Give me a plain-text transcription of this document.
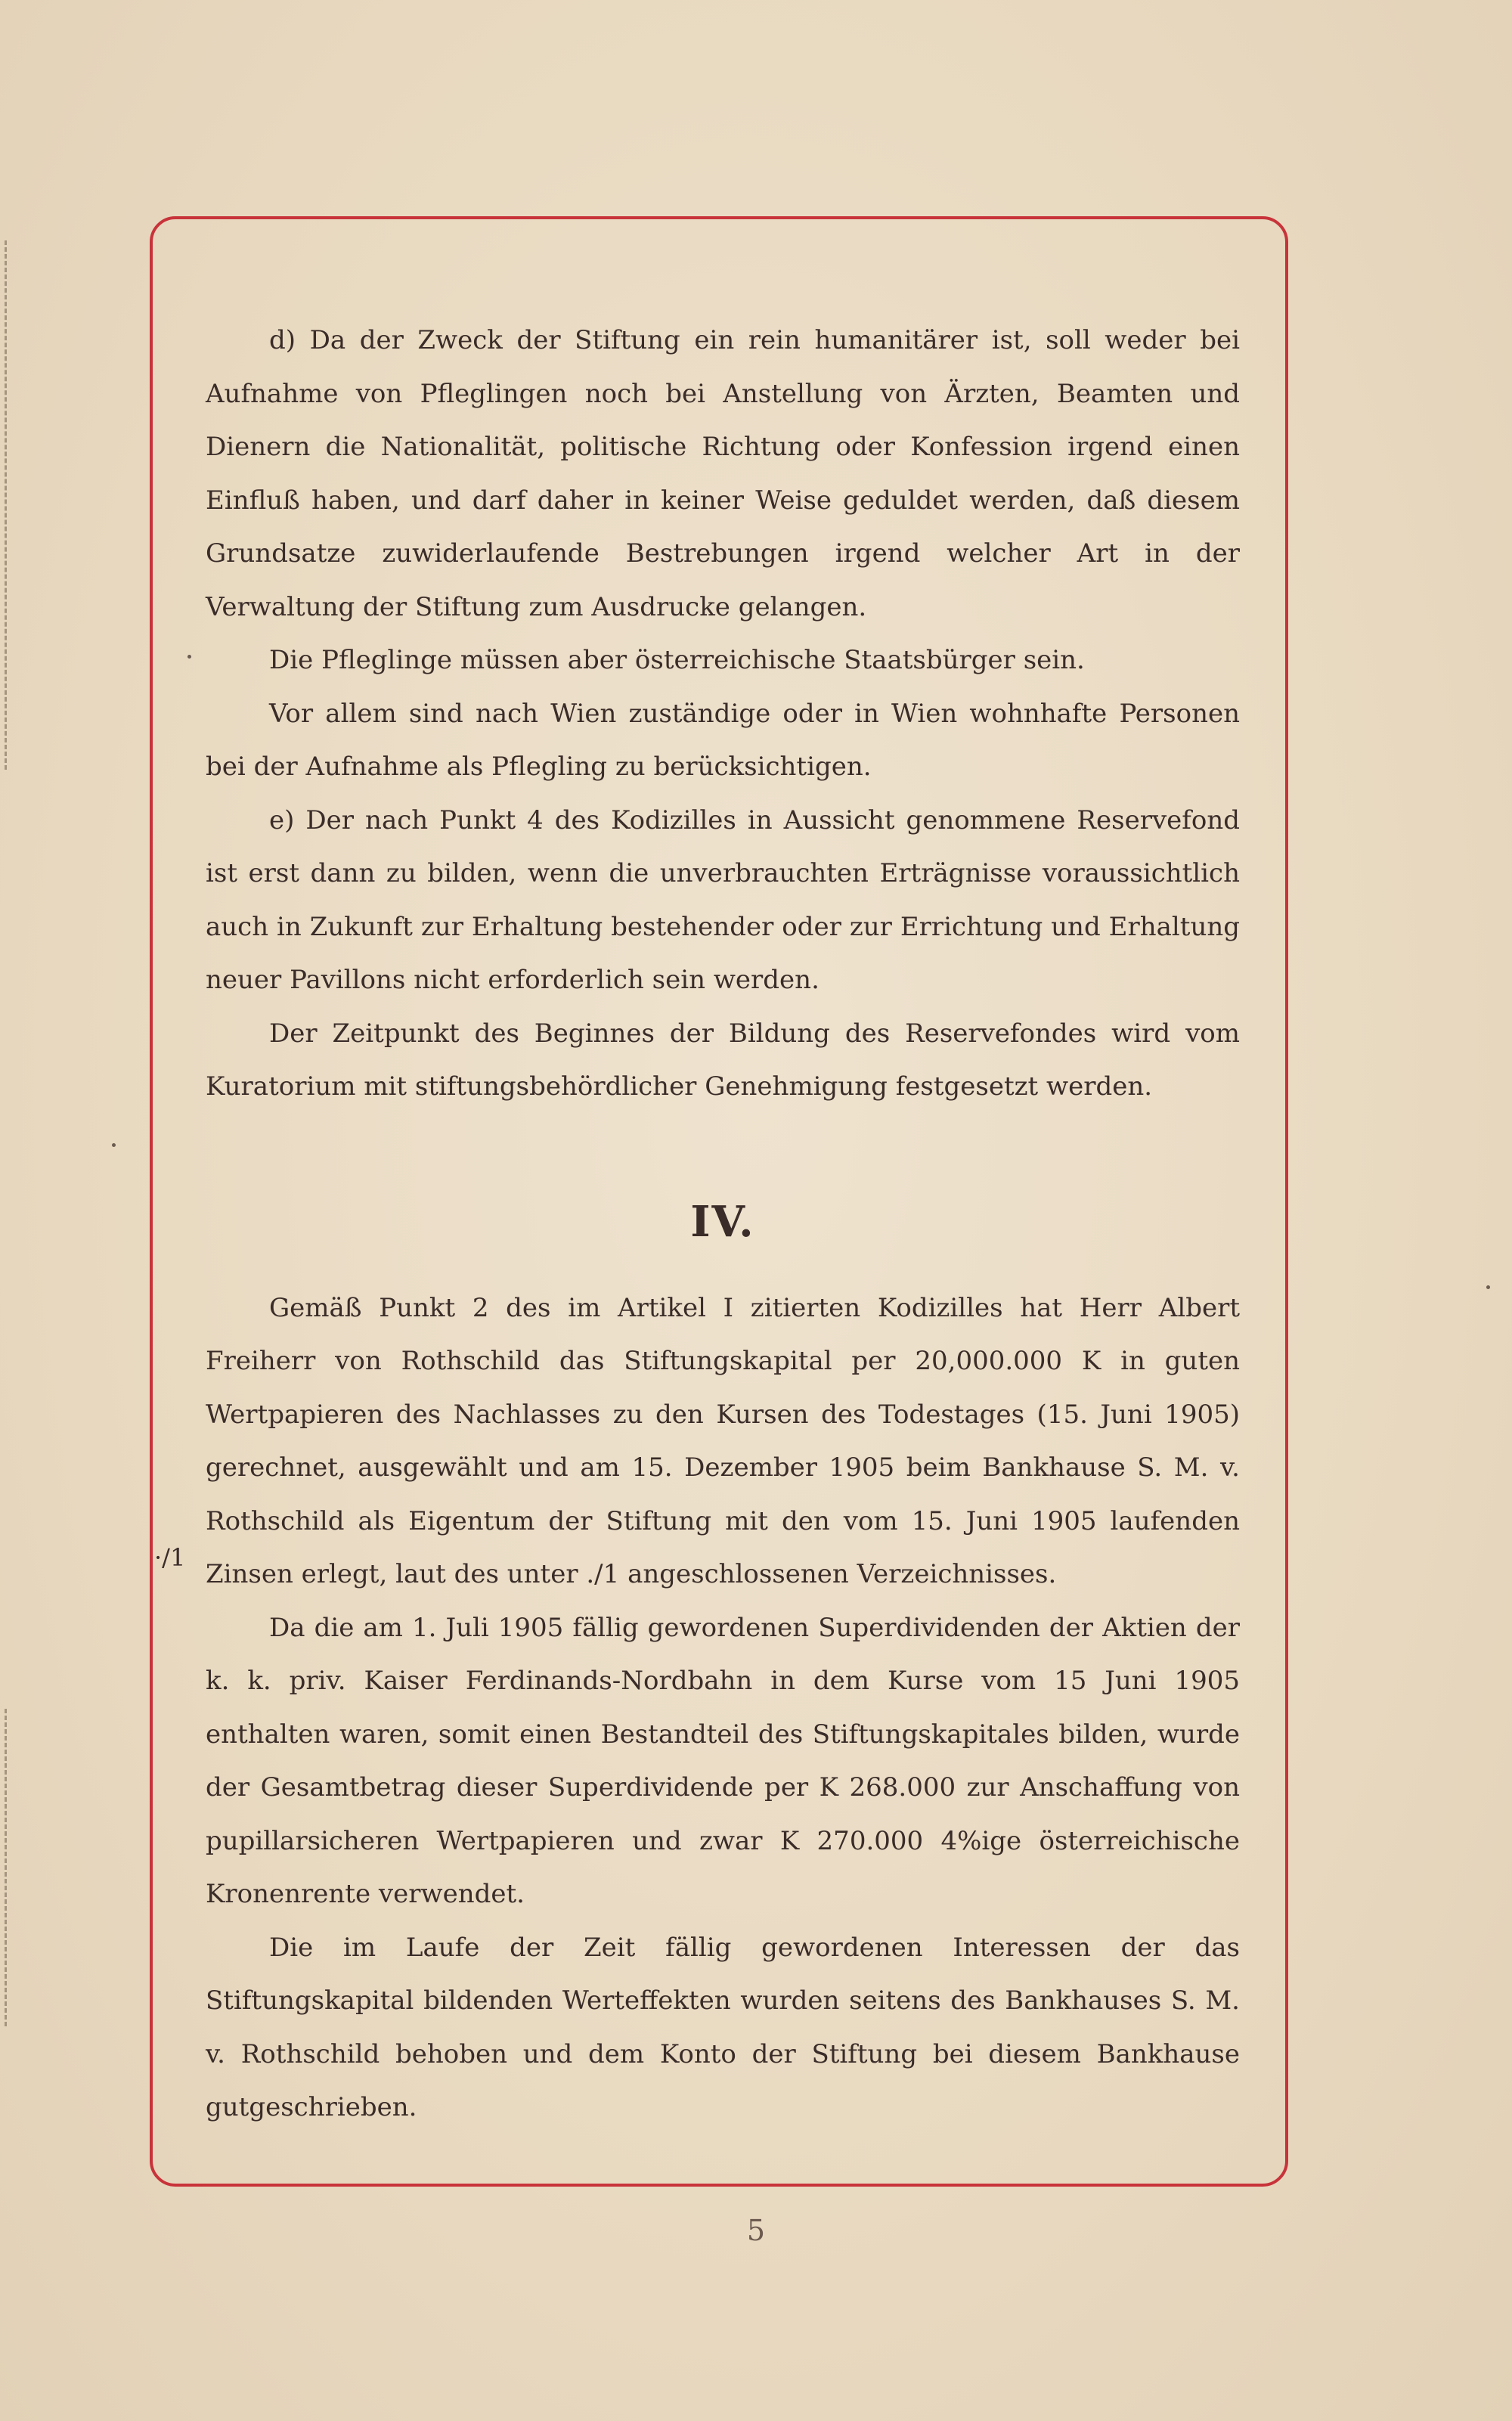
d) Da der Zweck der Stiftung ein rein humanitärer ist, soll weder bei Aufnahme von Pfleglingen noch bei Anstellung von Ärzten, Beamten und Dienern die Nationalität, politische Richtung oder Konfession irgend einen Einfluß haben, und darf daher in keiner Weise geduldet werden, daß diesem Grundsatze zuwiderlaufende Bestrebungen irgend welcher Art in der Verwaltung der Stiftung zum Ausdrucke gelangen.

Die Pfleglinge müssen aber österreichische Staatsbürger sein.

Vor allem sind nach Wien zuständige oder in Wien wohnhafte Personen bei der Aufnahme als Pflegling zu berücksichtigen.

e) Der nach Punkt 4 des Kodizilles in Aussicht genommene Reservefond ist erst dann zu bilden, wenn die unverbrauchten Erträgnisse voraussichtlich auch in Zukunft zur Erhaltung bestehender oder zur Errichtung und Erhaltung neuer Pavillons nicht erforderlich sein werden.

Der Zeitpunkt des Beginnes der Bildung des Reservefondes wird vom Kuratorium mit stiftungsbehördlicher Genehmigung festgesetzt werden.

IV.

Gemäß Punkt 2 des im Artikel I zitierten Kodizilles hat Herr Albert Freiherr von Rothschild das Stiftungskapital per 20,000.000 K in guten Wertpapieren des Nachlasses zu den Kursen des Todestages (15. Juni 1905) gerechnet, ausgewählt und am 15. Dezember 1905 beim Bankhause S. M. v. Rothschild als Eigentum der Stiftung mit den vom 15. Juni 1905 laufenden Zinsen erlegt, laut des unter ./1 angeschlossenen Verzeichnisses.

Da die am 1. Juli 1905 fällig gewordenen Superdividenden der Aktien der k. k. priv. Kaiser Ferdinands-Nordbahn in dem Kurse vom 15 Juni 1905 enthalten waren, somit einen Bestandteil des Stiftungskapitales bilden, wurde der Gesamtbetrag dieser Superdividende per K 268.000 zur Anschaffung von pupillarsicheren Wertpapieren und zwar K 270.000 4%ige österreichische Kronenrente verwendet.

Die im Laufe der Zeit fällig gewordenen Interessen der das Stiftungskapital bildenden Werteffekten wurden seitens des Bankhauses S. M. v. Rothschild behoben und dem Konto der Stiftung bei diesem Bankhause gutgeschrieben.

·/1
5
